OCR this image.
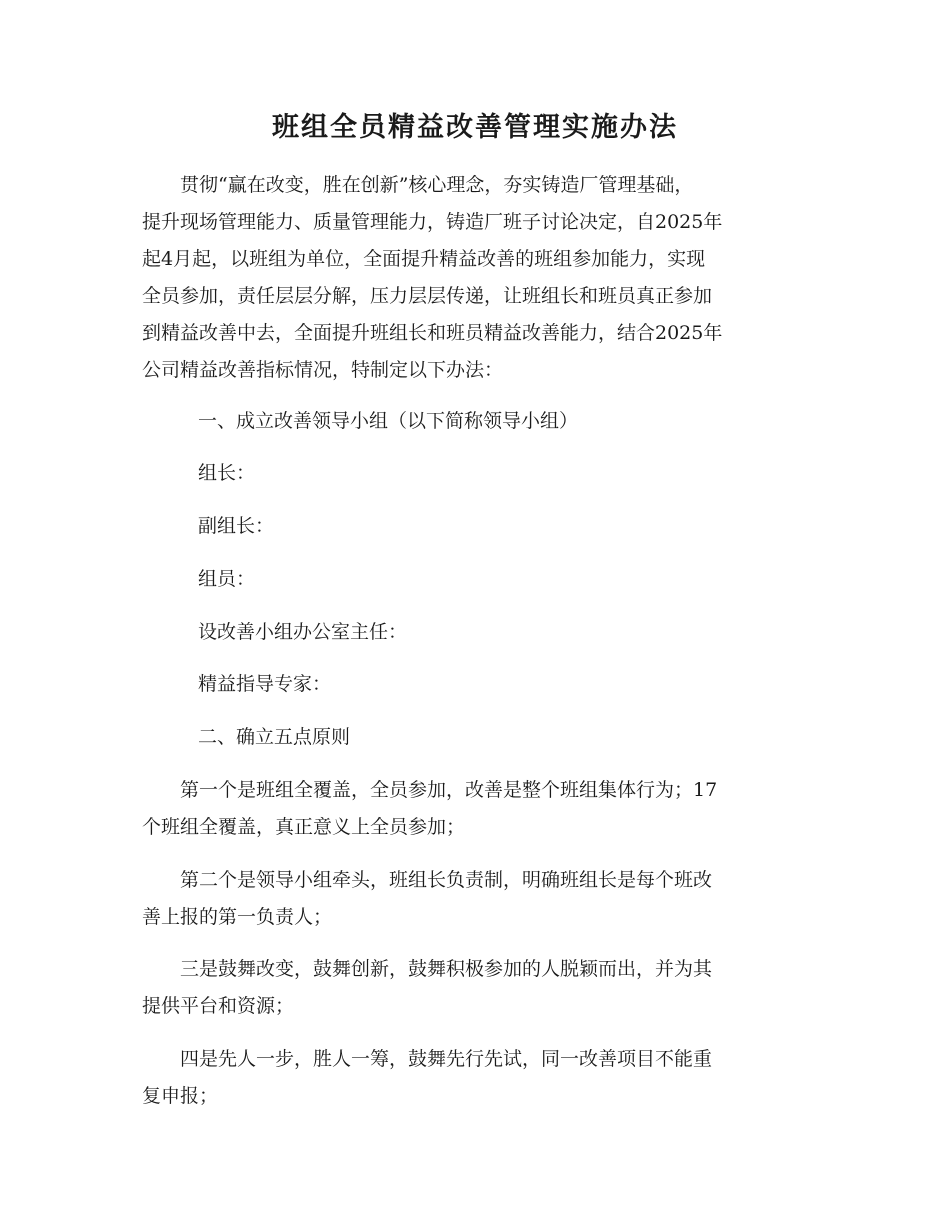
班组全员精益改善管理实施办法
贯彻“赢在改变，胜在创新”核心理念，夯实铸造厂管理基础，
提升现场管理能力、质量管理能力，铸造厂班子讨论决定，自2025年
起4月起，以班组为单位，全面提升精益改善的班组参加能力，实现
全员参加，责任层层分解，压力层层传递，让班组长和班员真正参加
到精益改善中去，全面提升班组长和班员精益改善能力，结合2025年
公司精益改善指标情况，特制定以下办法：

一、成立改善领导小组（以下简称领导小组）

组长：

副组长：

组员：

设改善小组办公室主任：

精益指导专家：

二、确立五点原则

第一个是班组全覆盖，全员参加，改善是整个班组集体行为；17
个班组全覆盖，真正意义上全员参加；
第二个是领导小组牵头，班组长负责制，明确班组长是每个班改
善上报的第一负责人；
三是鼓舞改变，鼓舞创新，鼓舞积极参加的人脱颖而出，并为其
提供平台和资源；
四是先人一步，胜人一筹，鼓舞先行先试，同一改善项目不能重
复申报；
